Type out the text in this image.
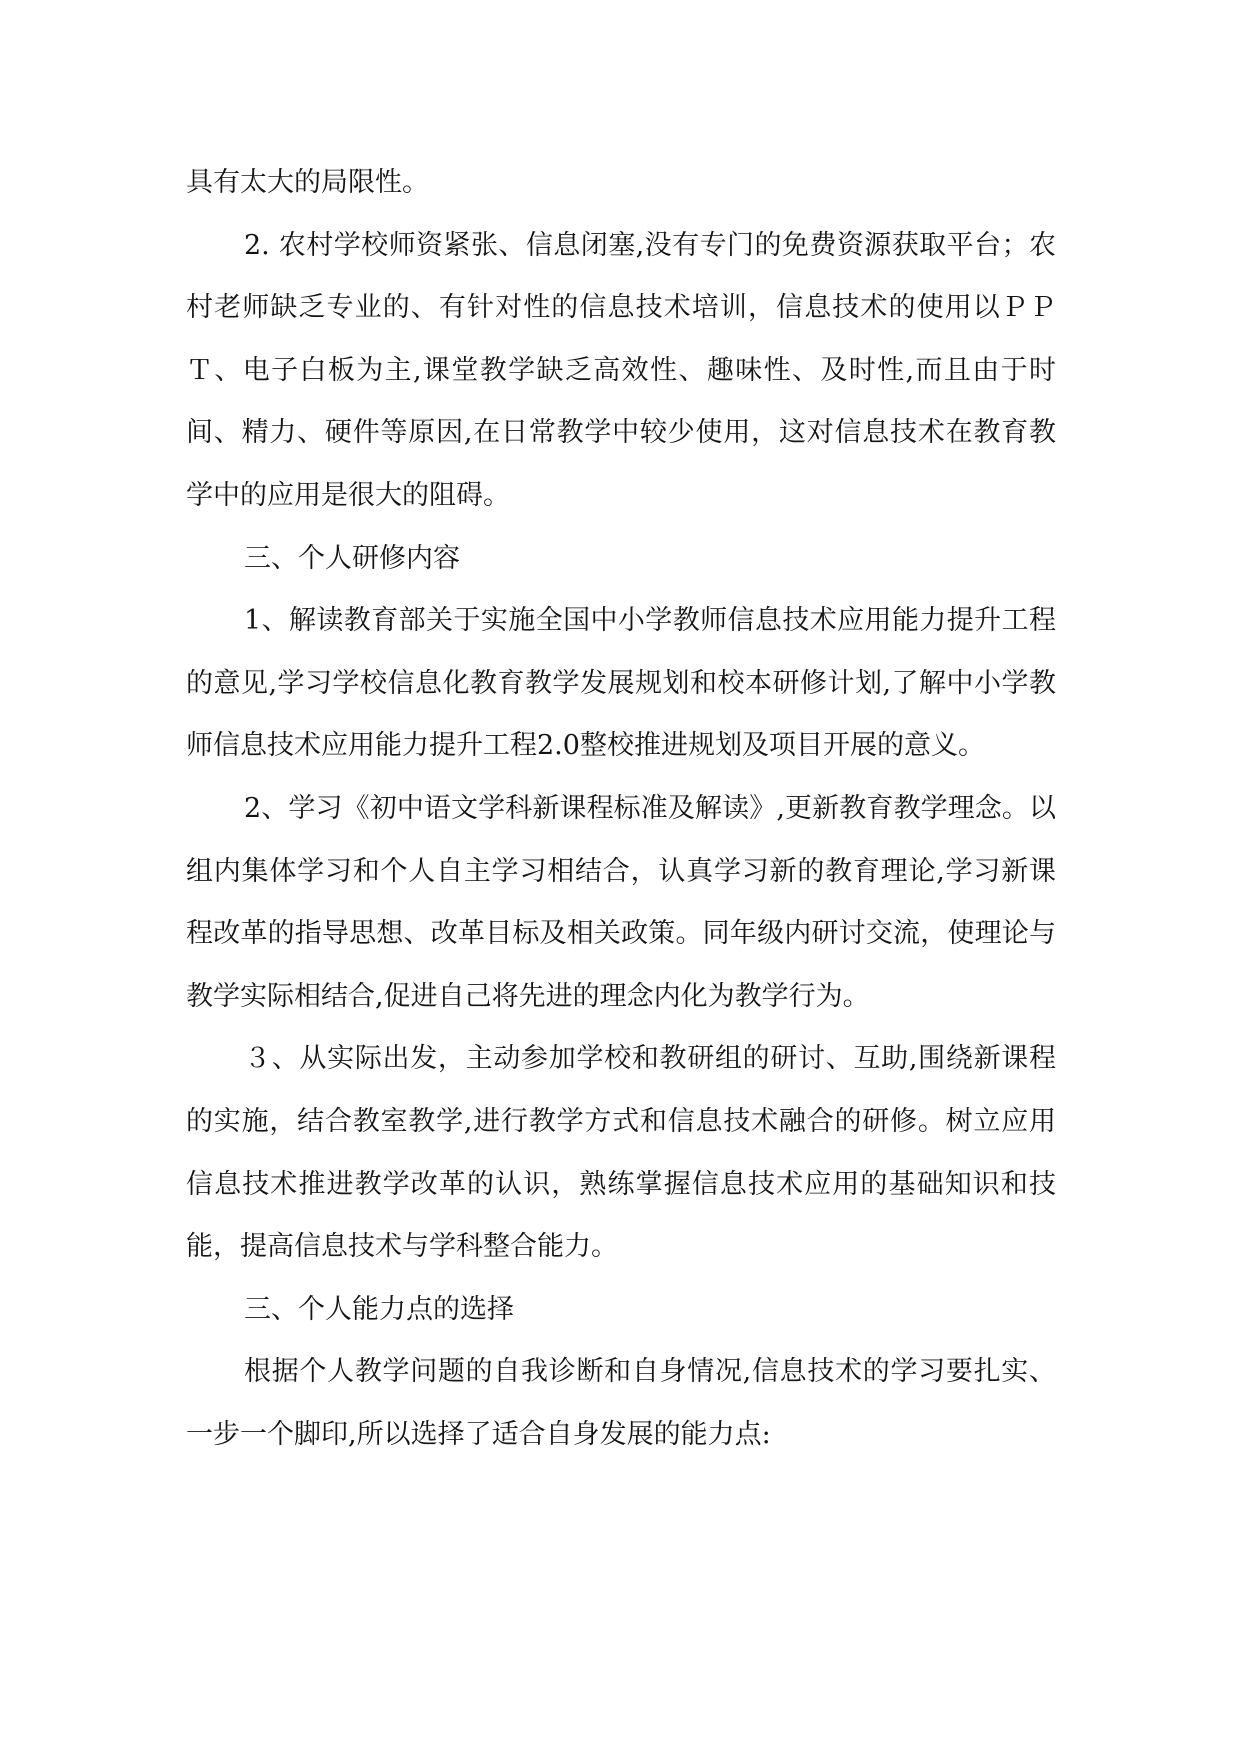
具有太大的局限性。

2. 农村学校师资紧张、信息闭塞,没有专门的免费资源获取平台；农村老师缺乏专业的、有针对性的信息技术培训，信息技术的使用以ＰＰＴ、电子白板为主,课堂教学缺乏高效性、趣味性、及时性,而且由于时间、精力、硬件等原因,在日常教学中较少使用，这对信息技术在教育教学中的应用是很大的阻碍。

三、个人研修内容

1、解读教育部关于实施全国中小学教师信息技术应用能力提升工程的意见,学习学校信息化教育教学发展规划和校本研修计划,了解中小学教师信息技术应用能力提升工程2.0整校推进规划及项目开展的意义。

2、学习《初中语文学科新课程标准及解读》,更新教育教学理念。以组内集体学习和个人自主学习相结合，认真学习新的教育理论,学习新课程改革的指导思想、改革目标及相关政策。同年级内研讨交流，使理论与教学实际相结合,促进自己将先进的理念内化为教学行为。

３、从实际出发，主动参加学校和教研组的研讨、互助,围绕新课程的实施，结合教室教学,进行教学方式和信息技术融合的研修。树立应用信息技术推进教学改革的认识，熟练掌握信息技术应用的基础知识和技能，提高信息技术与学科整合能力。

三、个人能力点的选择

根据个人教学问题的自我诊断和自身情况,信息技术的学习要扎实、一步一个脚印,所以选择了适合自身发展的能力点:
